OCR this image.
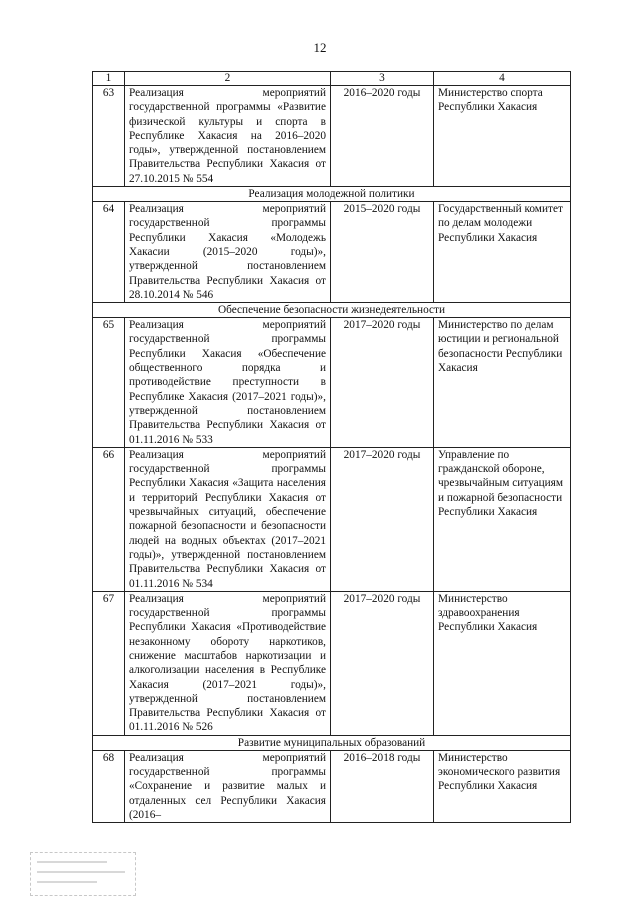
12
1	2	3	4
63	Реализация мероприятий государственной программы «Развитие физической культуры и спорта в Республике Хакасия на 2016–2020 годы», утвержденной постановлением Правительства Республики Хакасия от 27.10.2015 № 554	2016–2020 годы	Министерство спорта Республики Хакасия
Реализация молодежной политики			
64	Реализация мероприятий государственной программы Республики Хакасия «Молодежь Хакасии (2015–2020 годы)», утвержденной постановлением Правительства Республики Хакасия от 28.10.2014 № 546	2015–2020 годы	Государственный комитет по делам молодежи Республики Хакасия
Обеспечение безопасности жизнедеятельности			
65	Реализация мероприятий государственной программы Республики Хакасия «Обеспечение общественного порядка и противодействие преступности в Республике Хакасия (2017–2021 годы)», утвержденной постановлением Правительства Республики Хакасия от 01.11.2016 № 533	2017–2020 годы	Министерство по делам юстиции и региональной безопасности Республики Хакасия
66	Реализация мероприятий государственной программы Республики Хакасия «Защита населения и территорий Республики Хакасия от чрезвычайных ситуаций, обеспечение пожарной безопасности и безопасности людей на водных объектах (2017–2021 годы)», утвержденной постановлением Правительства Республики Хакасия от 01.11.2016 № 534	2017–2020 годы	Управление по гражданской обороне, чрезвычайным ситуациям и пожарной безопасности Республики Хакасия
67	Реализация мероприятий государственной программы Республики Хакасия «Противодействие незаконному обороту наркотиков, снижение масштабов наркотизации и алкоголизации населения в Республике Хакасия (2017–2021 годы)», утвержденной постановлением Правительства Республики Хакасия от 01.11.2016 № 526	2017–2020 годы	Министерство здравоохранения Республики Хакасия
Развитие муниципальных образований			
68	Реализация мероприятий государственной программы «Сохранение и развитие малых и отдаленных сел Республики Хакасия (2016–	2016–2018 годы	Министерство экономического развития Республики Хакасия
